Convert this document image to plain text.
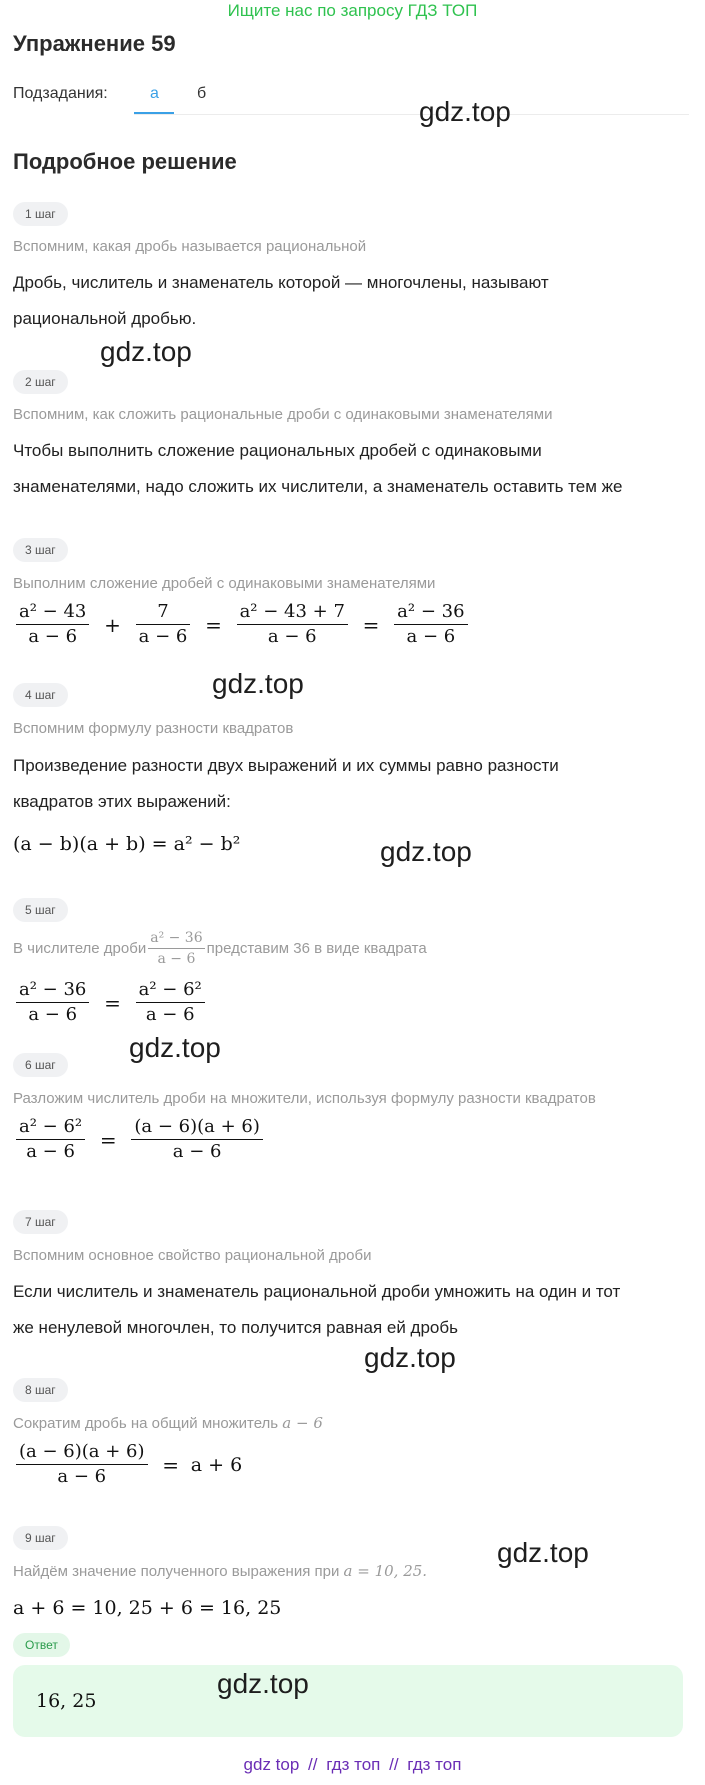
Ищите нас по запросу ГДЗ ТОП
Упражнение 59
Подзадания:	а б
gdz.top
Подробное решение
1 шаг
Вспомним, какая дробь называется рациональной
Дробь, числитель и знаменатель которой — многочлены, называют
рациональной дробью.
gdz.top
2 шаг
Вспомним, как сложить рациональные дроби с одинаковыми знаменателями
Чтобы выполнить сложение рациональных дробей с одинаковыми
знаменателями, надо сложить их числители, а знаменатель оставить тем же
3 шаг
Выполним сложение дробей с одинаковыми знаменателями
$\frac{\text{a² − 43}}{a - 6} + \frac{7}{a - 6} = \frac{\text{a² − 43 + 7}}{a - 6} = \frac{\text{a² − 36}}{a - 6}$
gdz.top
4 шаг
Вспомним формулу разности квадратов
Произведение разности двух выражений и их суммы равно разности
квадратов этих выражений:
(a − b)(a + b) = a² − b²	gdz.top
5 шаг
В числителе дроби $\frac{\text{a² − 36}}{a - 6}$ представим 36 в виде квадрата
$\frac{\text{a² − 36}}{a - 6} = \frac{\text{a² − 6²}}{a - 6}$
gdz.top
6 шаг
Разложим числитель дроби на множители, используя формулу разности квадратов
$\frac{\text{a² − 6²}}{a - 6} = \frac{(a - 6)(a + 6)}{a - 6}$
7 шаг
Вспомним основное свойство рациональной дроби
Если числитель и знаменатель рациональной дроби умножить на один и тот
же ненулевой многочлен, то получится равная ей дробь
gdz.top
8 шаг
Сократим дробь на общий множитель a − 6
$\frac{(a - 6)(a + 6)}{a - 6} = a + 6$
9 шаг
Найдём значение полученного выражения при a = 10, 25.
gdz.top
a + 6 = 10, 25 + 6 = 16, 25
Ответ
gdz.top
16, 25
gdz top // гдз топ // гдз топ
